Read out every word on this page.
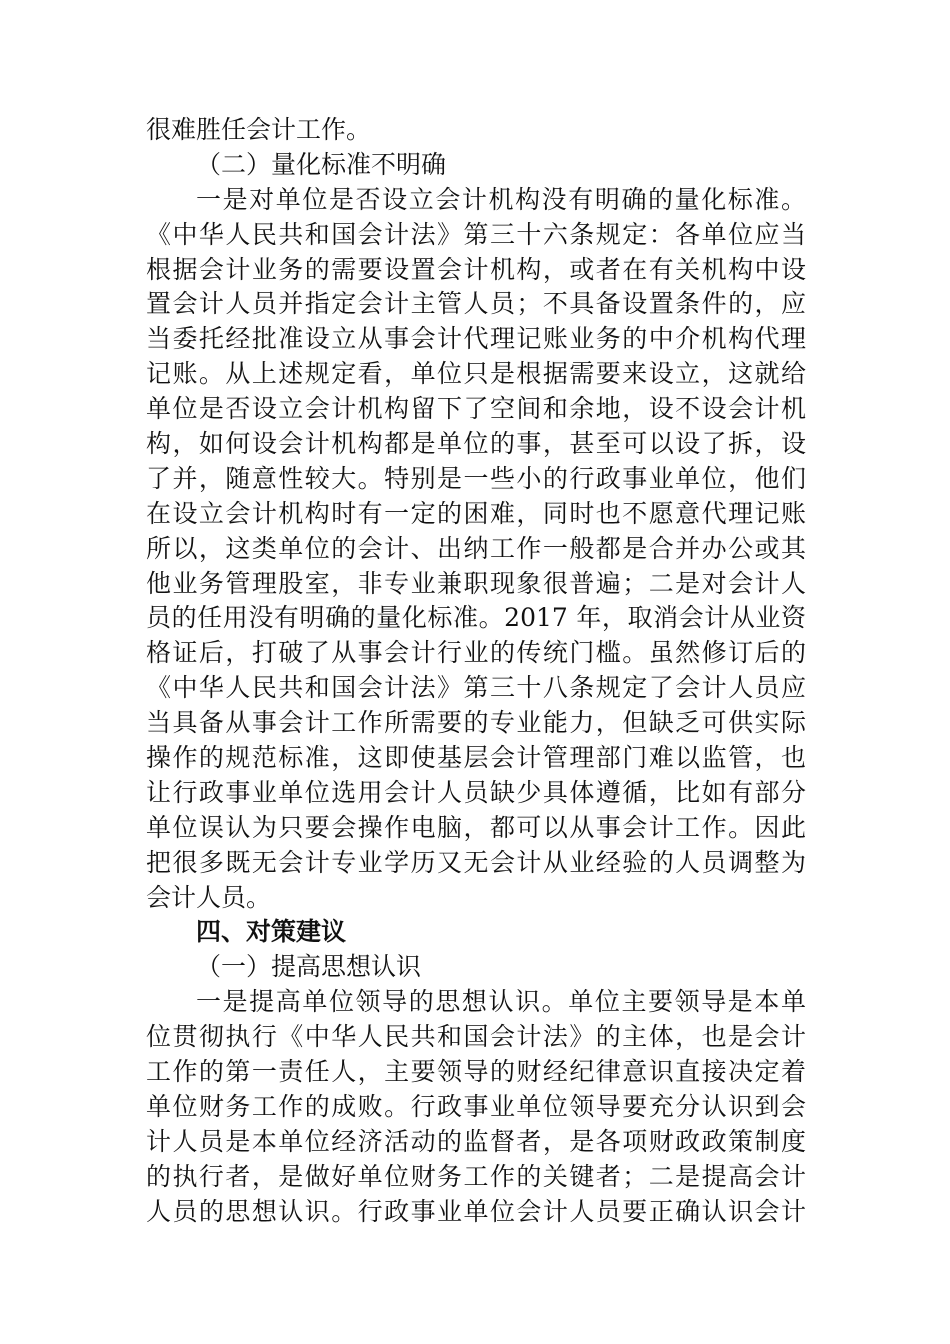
很难胜任会计工作。
（二）量化标准不明确
一是对单位是否设立会计机构没有明确的量化标准。
《中华人民共和国会计法》第三十六条规定：各单位应当
根据会计业务的需要设置会计机构，或者在有关机构中设
置会计人员并指定会计主管人员；不具备设置条件的，应
当委托经批准设立从事会计代理记账业务的中介机构代理
记账。从上述规定看，单位只是根据需要来设立，这就给
单位是否设立会计机构留下了空间和余地，设不设会计机
构，如何设会计机构都是单位的事，甚至可以设了拆，设
了并，随意性较大。特别是一些小的行政事业单位，他们
在设立会计机构时有一定的困难，同时也不愿意代理记账
所以，这类单位的会计、出纳工作一般都是合并办公或其
他业务管理股室，非专业兼职现象很普遍；二是对会计人
员的任用没有明确的量化标准。2017 年，取消会计从业资
格证后，打破了从事会计行业的传统门槛。虽然修订后的
《中华人民共和国会计法》第三十八条规定了会计人员应
当具备从事会计工作所需要的专业能力，但缺乏可供实际
操作的规范标准，这即使基层会计管理部门难以监管，也
让行政事业单位选用会计人员缺少具体遵循，比如有部分
单位误认为只要会操作电脑，都可以从事会计工作。因此
把很多既无会计专业学历又无会计从业经验的人员调整为
会计人员。
四、对策建议
（一）提高思想认识
一是提高单位领导的思想认识。单位主要领导是本单
位贯彻执行《中华人民共和国会计法》的主体，也是会计
工作的第一责任人，主要领导的财经纪律意识直接决定着
单位财务工作的成败。行政事业单位领导要充分认识到会
计人员是本单位经济活动的监督者，是各项财政政策制度
的执行者，是做好单位财务工作的关键者；二是提高会计
人员的思想认识。行政事业单位会计人员要正确认识会计
